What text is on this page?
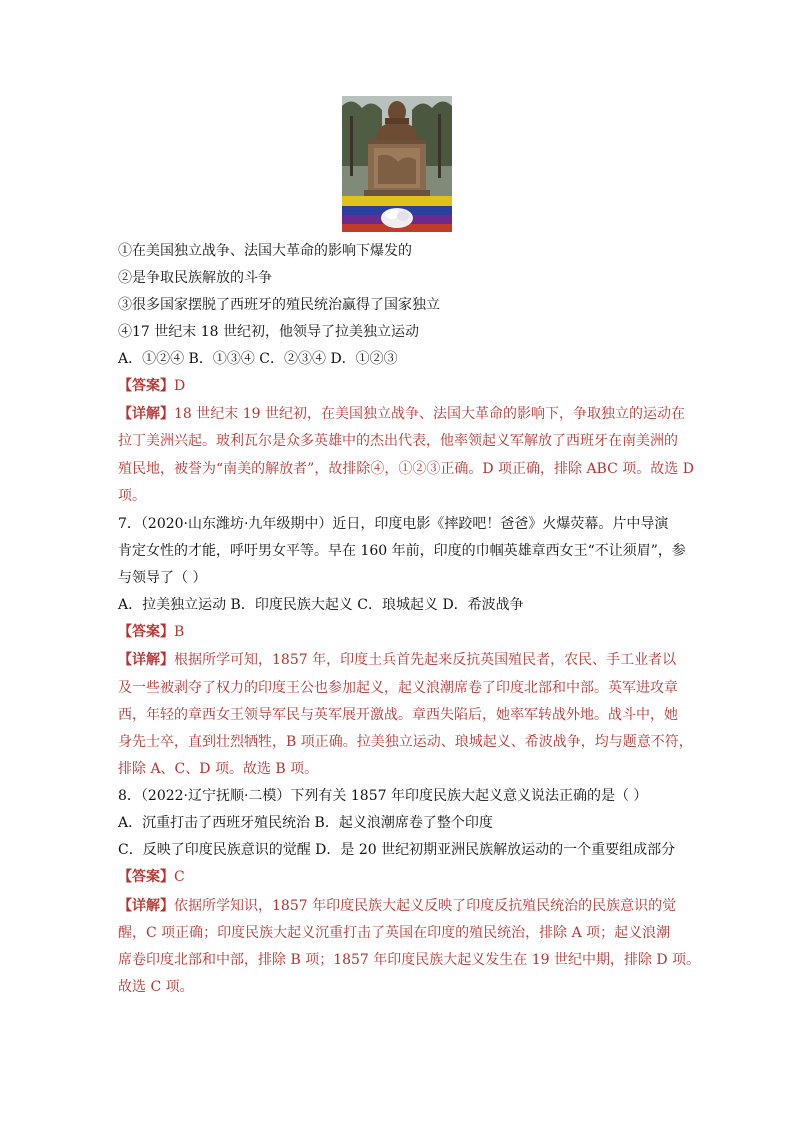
①在美国独立战争、法国大革命的影响下爆发的
②是争取民族解放的斗争
③很多国家摆脱了西班牙的殖民统治赢得了国家独立
④17 世纪末 18 世纪初，他领导了拉美独立运动
A．①②④ B．①③④ C．②③④ D．①②③
【答案】D
【详解】18 世纪末 19 世纪初，在美国独立战争、法国大革命的影响下，争取独立的运动在
拉丁美洲兴起。玻利瓦尔是众多英雄中的杰出代表，他率领起义军解放了西班牙在南美洲的
殖民地，被誉为“南美的解放者”，故排除④，①②③正确。D 项正确，排除 ABC 项。故选 D
项。
7．（2020·山东潍坊·九年级期中）近日，印度电影《摔跤吧！爸爸》火爆荧幕。片中导演
肯定女性的才能，呼吁男女平等。早在 160 年前，印度的巾帼英雄章西女王“不让须眉”，参
与领导了（ ）
A．拉美独立运动 B．印度民族大起义 C．琅城起义 D．希波战争
【答案】B
【详解】根据所学可知，1857 年，印度土兵首先起来反抗英国殖民者，农民、手工业者以
及一些被剥夺了权力的印度王公也参加起义，起义浪潮席卷了印度北部和中部。英军进攻章
西，年轻的章西女王领导军民与英军展开激战。章西失陷后，她率军转战外地。战斗中，她
身先士卒，直到壮烈牺牲，B 项正确。拉美独立运动、琅城起义、希波战争，均与题意不符，
排除 A、C、D 项。故选 B 项。
8．（2022·辽宁抚顺·二模）下列有关 1857 年印度民族大起义意义说法正确的是（ ）
A．沉重打击了西班牙殖民统治 B．起义浪潮席卷了整个印度
C．反映了印度民族意识的觉醒 D．是 20 世纪初期亚洲民族解放运动的一个重要组成部分
【答案】C
【详解】依据所学知识，1857 年印度民族大起义反映了印度反抗殖民统治的民族意识的觉
醒，C 项正确；印度民族大起义沉重打击了英国在印度的殖民统治，排除 A 项；起义浪潮
席卷印度北部和中部，排除 B 项；1857 年印度民族大起义发生在 19 世纪中期，排除 D 项。
故选 C 项。
